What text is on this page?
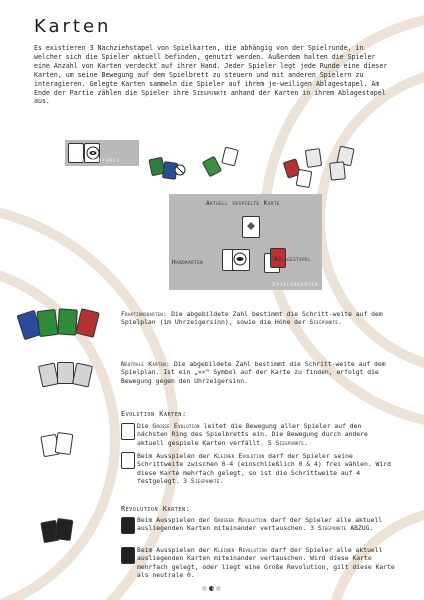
Karten

Es existieren 3 Nachziehstapel von Spielkarten, die abhängig von der Spielrunde, in welcher sich die Spieler aktuell befinden, genutzt werden. Außerdem halten die Spieler eine Anzahl von Karten verdeckt auf ihrer Hand. Jeder Spieler legt jede Runde eine dieser Karten, um seine Bewegung auf dem Spielbrett zu steuern und mit anderen Spielern zu interagieren. Gelegte Karten sammeln die Spieler auf ihrem je-weiligen Ablagestapel. Am Ende der Partie zählen die Spieler ihre Siegpunkte anhand der Karten in ihrem Ablagestapel aus.

Nachziehstapel
Aktuell gespielte Karte
Handkarten	Ablagestapel
Spielerkarten

Fraktionskarten: Die abgebildete Zahl bestimmt die Schritt-weite auf dem Spielplan (im Uhrzeigersinn), sowie die Höhe der Siegpunkte.

Neutrale Karten: Die abgebildete Zahl bestimmt die Schritt-weite auf dem Spielplan. Ist ein „<<“ Symbol auf der Karte zu finden, erfolgt die Bewegung gegen den Uhrzeigersinn.

Evolution Karten:

Die Große Evolution leitet die Bewegung aller Spieler auf den nächsten Ring des Spielbretts ein. Die Bewegung durch andere aktuell gespiele Karten verfällt. 5 Siegpunkte.

Beim Ausspielen der Kleinen Evolution darf der Spieler seine Schrittweite zwischen 0-4 (einschließlich 0 & 4) frei wählen. Wird diese Karte mehrfach gelegt, so ist die Schrittweite auf 4 festgelegt. 3 Siegpunkte.

Revolution Karten:

Beim Ausspielen der Großen Revolution darf der Spieler alle aktuell ausliegenden Karten miteinander vertauschen. 3 Siegpunkte ABZUG.

Beim Ausspielen der Kleinen Revolution darf der Spieler alle aktuell ausliegenden Karten miteinander vertauschen. Wird diese Karte mehrfach gelegt, oder liegt eine Große Revolution, gilt diese Karte als neutrale 0.

8
